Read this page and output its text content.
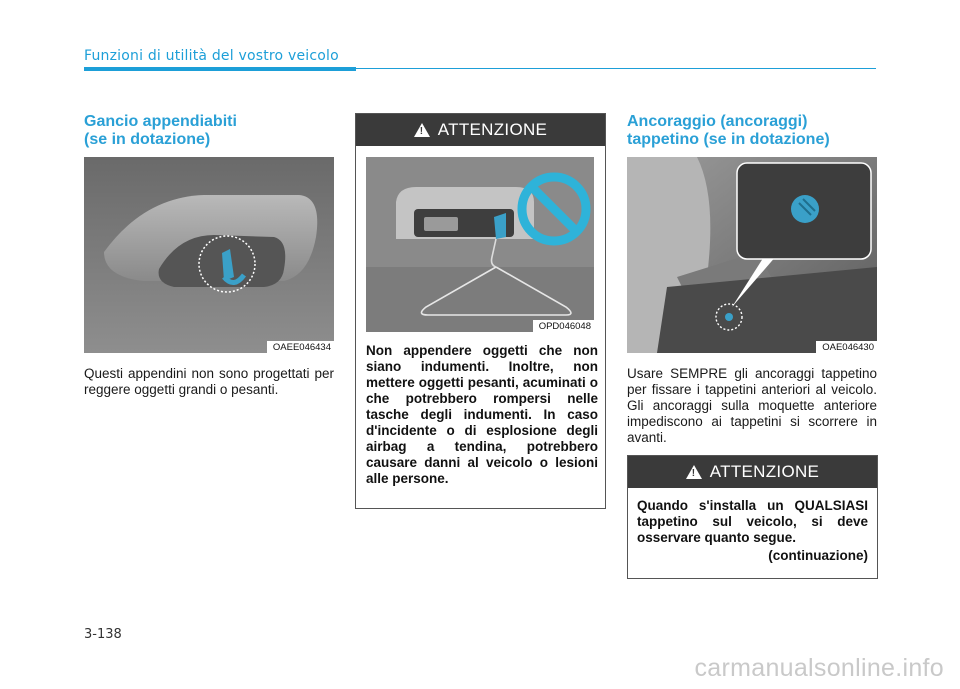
Funzioni di utilità del vostro veicolo
Gancio appendiabiti
(se in dotazione)
OAEE046434
Questi appendini non sono progettati per reggere oggetti grandi o pesanti.
! ATTENZIONE
OPD046048
Non appendere oggetti che non siano indumenti. Inoltre, non mettere oggetti pesanti, acuminati o che potrebbero rompersi nelle tasche degli indumenti. In caso d'incidente o di esplosione degli airbag a tendina, potrebbero causare danni al veicolo o lesioni alle persone.
Ancoraggio (ancoraggi)
tappetino (se in dotazione)
OAE046430
Usare SEMPRE gli ancoraggi tappetino per fissare i tappetini anteriori al veicolo. Gli ancoraggi sulla moquette anteriore impediscono ai tappetini si scorrere in avanti.
! ATTENZIONE
Quando s'installa un QUALSIASI tappetino sul veicolo, si deve osservare quanto segue.
(continuazione)
3-138
carmanualsonline.info
